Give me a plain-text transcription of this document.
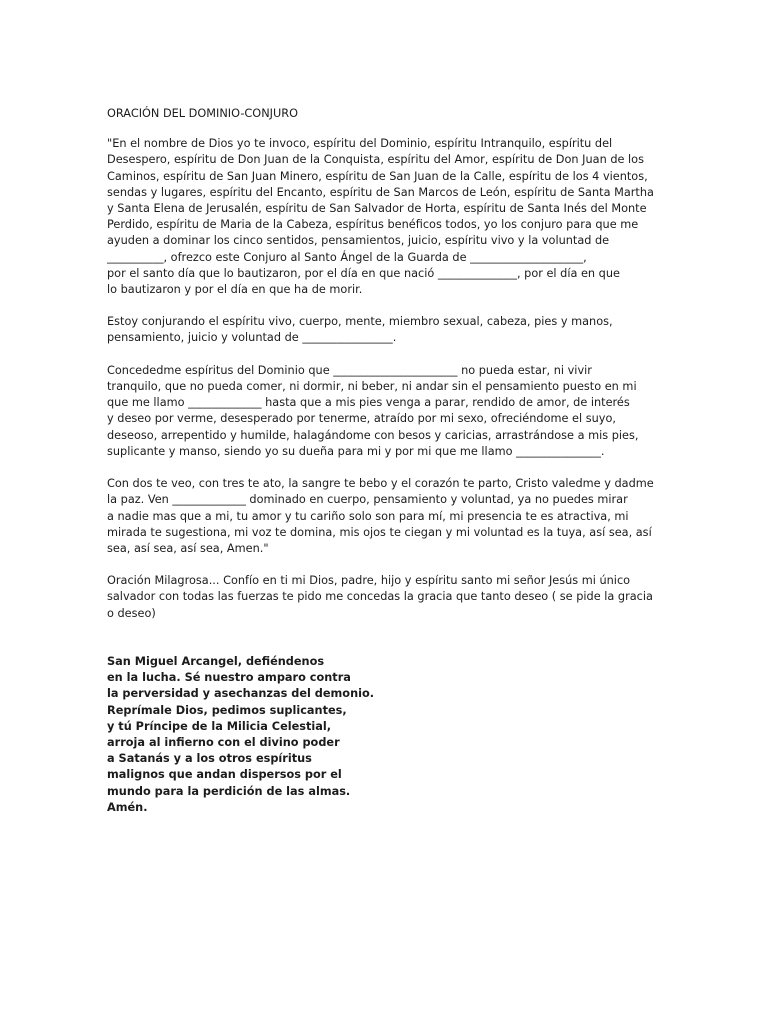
ORACIÓN DEL DOMINIO-CONJURO
"En el nombre de Dios yo te invoco, espíritu del Dominio, espíritu Intranquilo, espíritu del
Desespero, espíritu de Don Juan de la Conquista, espíritu del Amor, espíritu de Don Juan de los
Caminos, espíritu de San Juan Minero, espíritu de San Juan de la Calle, espíritu de los 4 vientos,
sendas y lugares, espíritu del Encanto, espíritu de San Marcos de León, espíritu de Santa Martha
y Santa Elena de Jerusalén, espíritu de San Salvador de Horta, espíritu de Santa Inés del Monte
Perdido, espíritu de Maria de la Cabeza, espíritus benéficos todos, yo los conjuro para que me
ayuden a dominar los cinco sentidos, pensamientos, juicio, espíritu vivo y la voluntad de
__________, ofrezco este Conjuro al Santo Ángel de la Guarda de ____________________,
por el santo día que lo bautizaron, por el día en que nació ______________, por el día en que
lo bautizaron y por el día en que ha de morir.
Estoy conjurando el espíritu vivo, cuerpo, mente, miembro sexual, cabeza, pies y manos,
pensamiento, juicio y voluntad de ________________.
Concededme espíritus del Dominio que ______________________ no pueda estar, ni vivir
tranquilo, que no pueda comer, ni dormir, ni beber, ni andar sin el pensamiento puesto en mi
que me llamo _____________ hasta que a mis pies venga a parar, rendido de amor, de interés
y deseo por verme, desesperado por tenerme, atraído por mi sexo, ofreciéndome el suyo,
deseoso, arrepentido y humilde, halagándome con besos y caricias, arrastrándose a mis pies,
suplicante y manso, siendo yo su dueña para mi y por mi que me llamo _______________.
Con dos te veo, con tres te ato, la sangre te bebo y el corazón te parto, Cristo valedme y dadme
la paz. Ven _____________ dominado en cuerpo, pensamiento y voluntad, ya no puedes mirar
a nadie mas que a mi, tu amor y tu cariño solo son para mí, mi presencia te es atractiva, mi
mirada te sugestiona, mi voz te domina, mis ojos te ciegan y mi voluntad es la tuya, así sea, así
sea, así sea, así sea, Amen."
Oración Milagrosa... Confío en ti mi Dios, padre, hijo y espíritu santo mi señor Jesús mi único
salvador con todas las fuerzas te pido me concedas la gracia que tanto deseo ( se pide la gracia
o deseo)
San Miguel Arcangel, defiéndenos
en la lucha. Sé nuestro amparo contra
la perversidad y asechanzas del demonio.
Reprímale Dios, pedimos suplicantes,
y tú Príncipe de la Milicia Celestial,
arroja al infierno con el divino poder
a Satanás y a los otros espíritus
malignos que andan dispersos por el
mundo para la perdición de las almas.
Amén.
